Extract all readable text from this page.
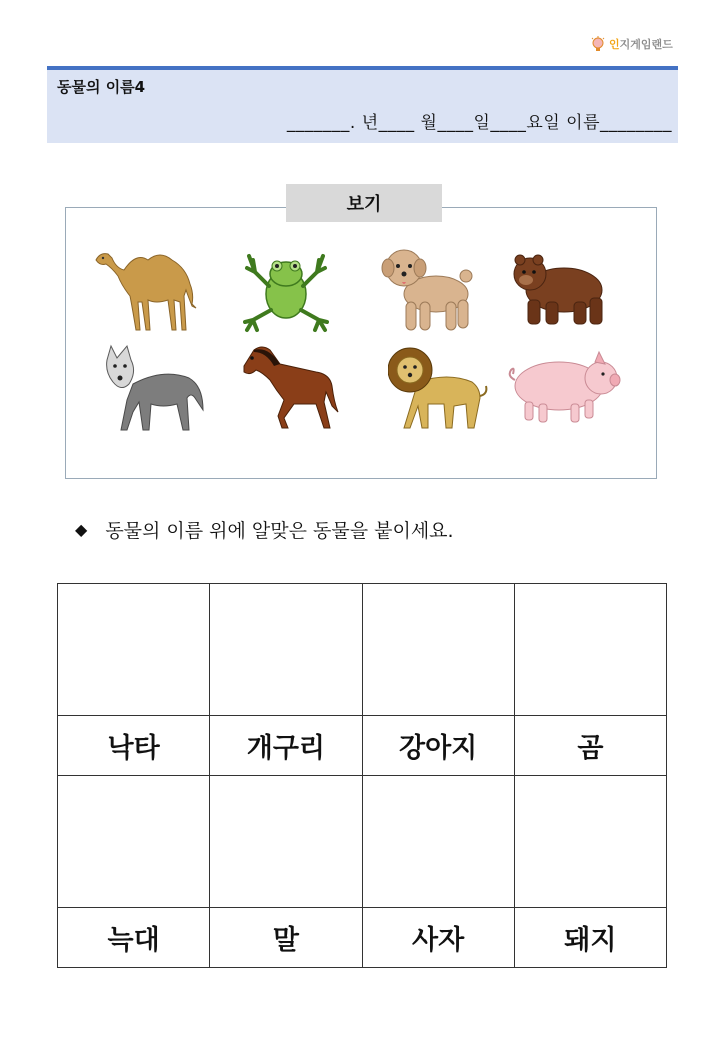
인지게임랜드
동물의 이름4
_______. 년____ 월____일____요일 이름________
보기
◆ 동물의 이름 위에 알맞은 동물을 붙이세요.

낙타	개구리	강아지	곰

늑대	말	사자	돼지
